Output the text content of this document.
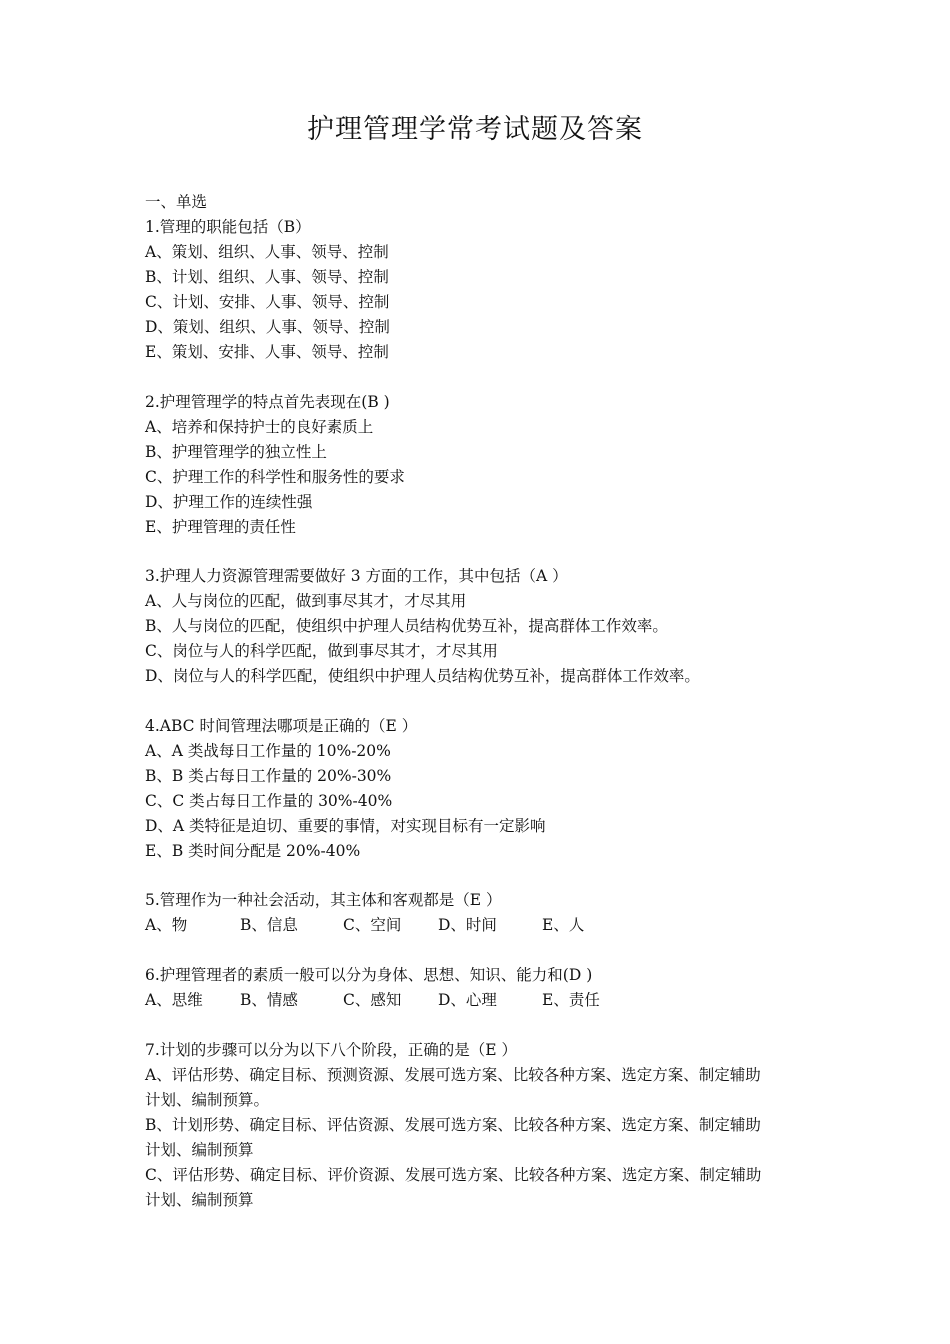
护理管理学常考试题及答案
一、单选
1.管理的职能包括（B）
A、策划、组织、人事、领导、控制
B、计划、组织、人事、领导、控制
C、计划、安排、人事、领导、控制
D、策划、组织、人事、领导、控制
E、策划、安排、人事、领导、控制
2.护理管理学的特点首先表现在(B )
A、培养和保持护士的良好素质上
B、护理管理学的独立性上
C、护理工作的科学性和服务性的要求
D、护理工作的连续性强
E、护理管理的责任性
3.护理人力资源管理需要做好 3 方面的工作，其中包括（A ）
A、人与岗位的匹配，做到事尽其才，才尽其用
B、人与岗位的匹配，使组织中护理人员结构优势互补，提高群体工作效率。
C、岗位与人的科学匹配，做到事尽其才，才尽其用
D、岗位与人的科学匹配，使组织中护理人员结构优势互补，提高群体工作效率。
4.ABC 时间管理法哪项是正确的（E ）
A、A 类战每日工作量的 10%-20%
B、B 类占每日工作量的 20%-30%
C、C 类占每日工作量的 30%-40%
D、A 类特征是迫切、重要的事情，对实现目标有一定影响
E、B 类时间分配是 20%-40%
5.管理作为一种社会活动，其主体和客观都是（E ）
A、物	B、信息	C、空间 D、时间	E、人
6.护理管理者的素质一般可以分为身体、思想、知识、能力和(D )
A、思维 B、情感	C、感知 D、心理	E、责任
7.计划的步骤可以分为以下八个阶段，正确的是（E ）
A、评估形势、确定目标、预测资源、发展可选方案、比较各种方案、选定方案、制定辅助
计划、编制预算。
B、计划形势、确定目标、评估资源、发展可选方案、比较各种方案、选定方案、制定辅助
计划、编制预算
C、评估形势、确定目标、评价资源、发展可选方案、比较各种方案、选定方案、制定辅助
计划、编制预算
